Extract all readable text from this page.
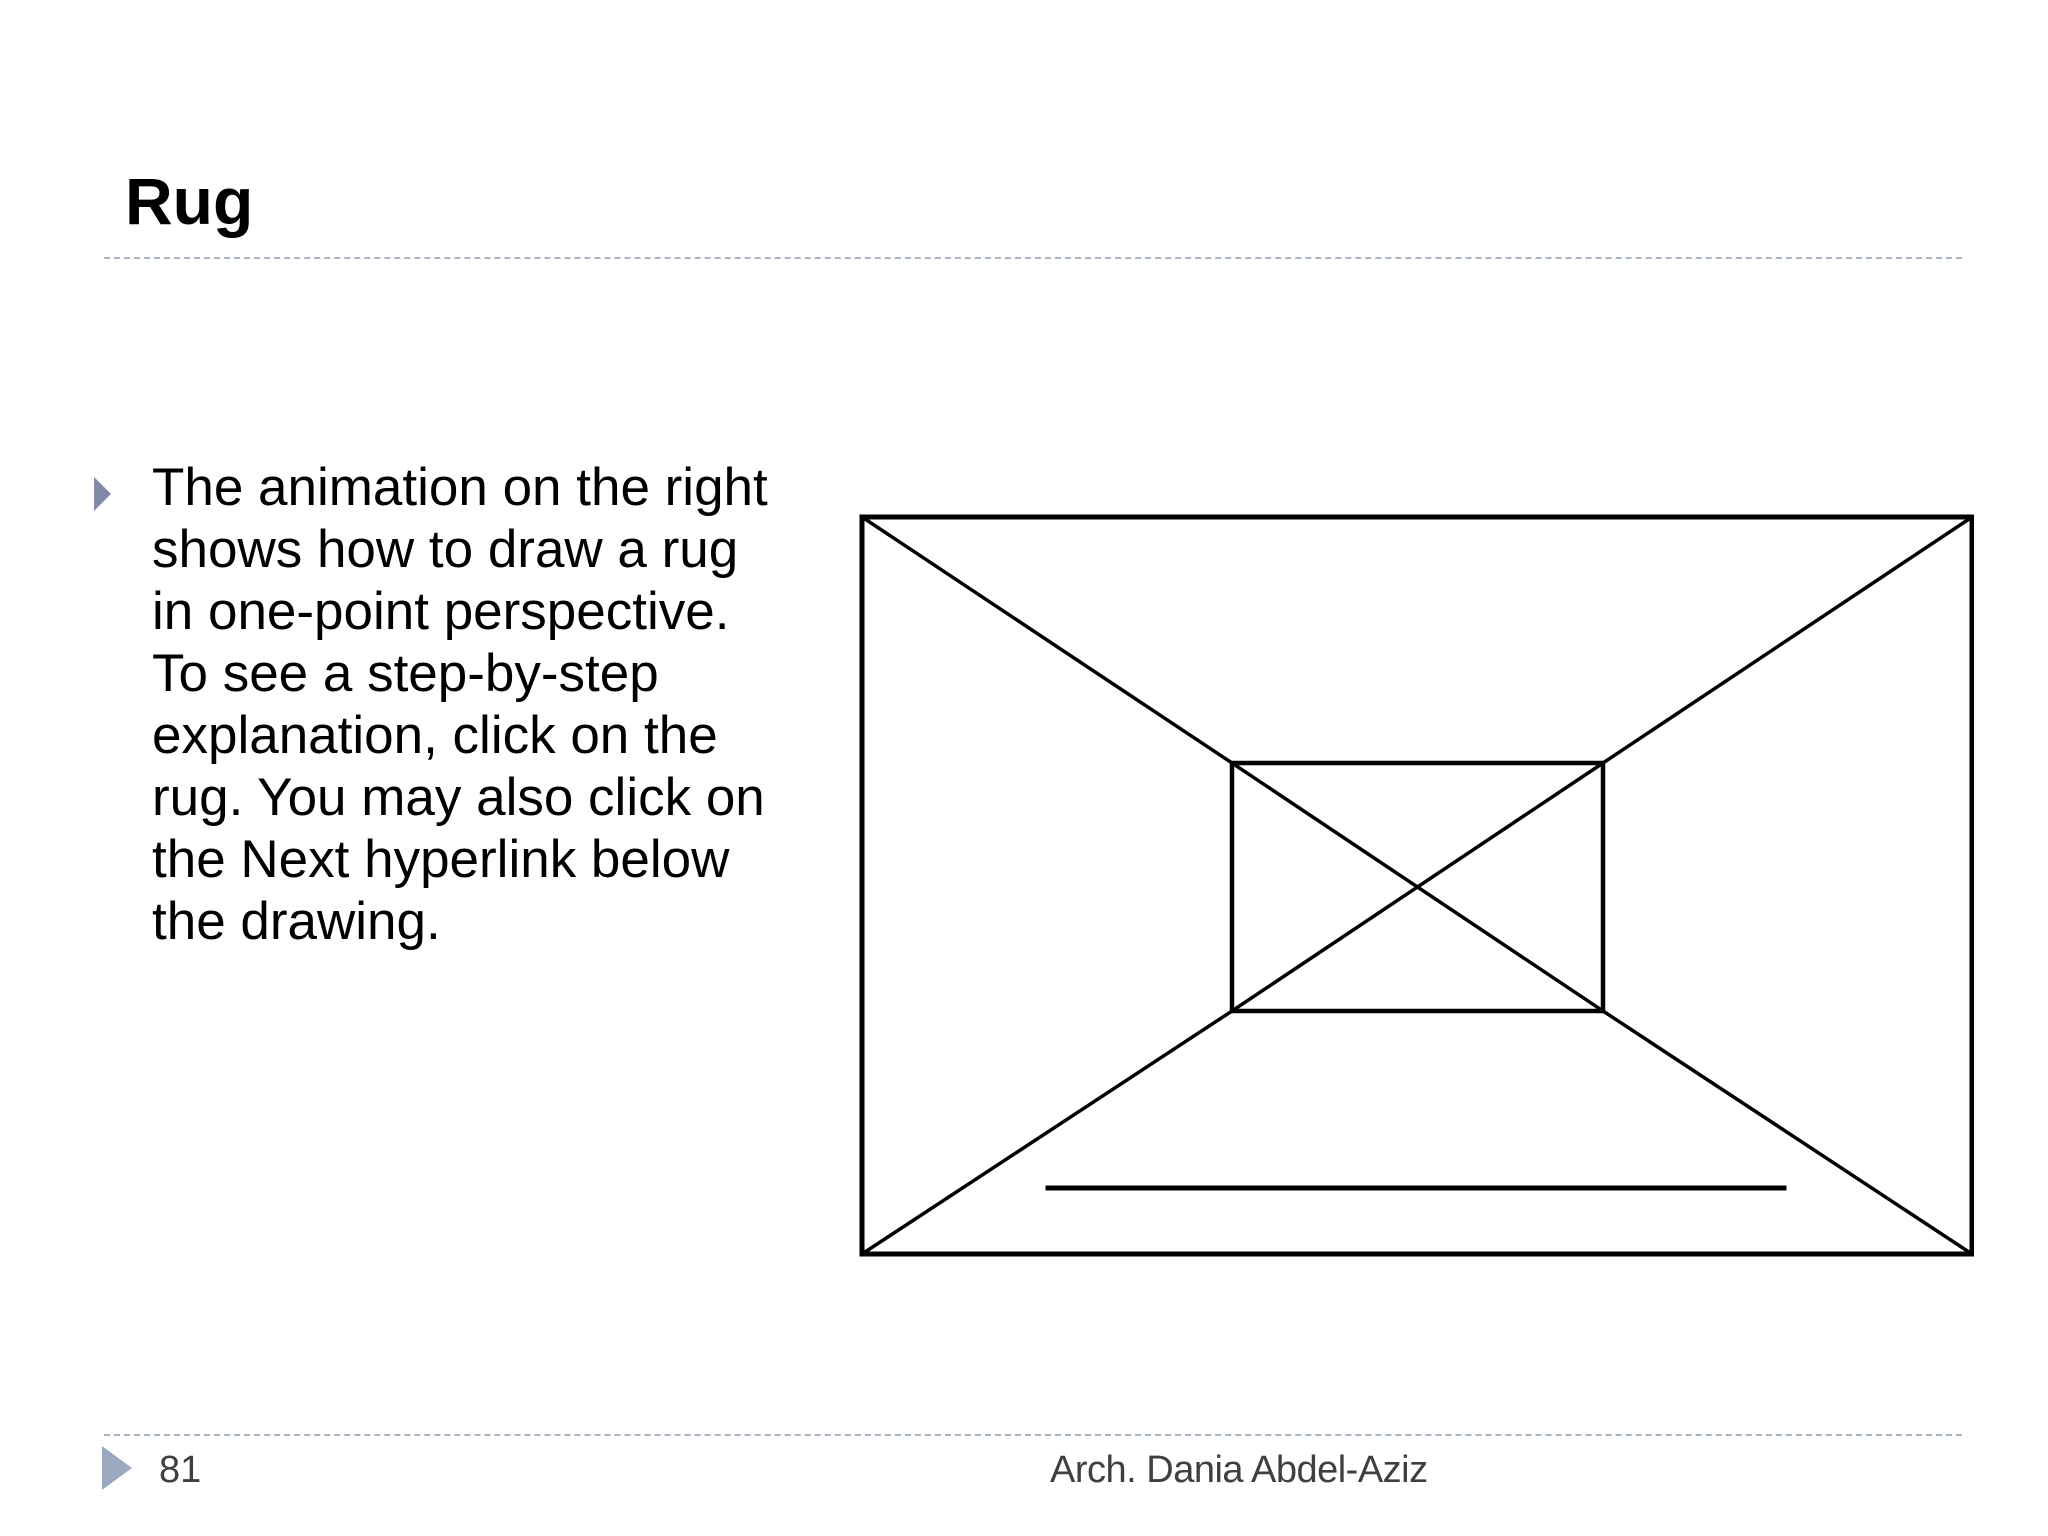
Rug

The animation on the right shows how to draw a rug in one-point perspective. To see a step-by-step explanation, click on the rug. You may also click on the Next hyperlink below the drawing.

81	Arch. Dania Abdel-Aziz
